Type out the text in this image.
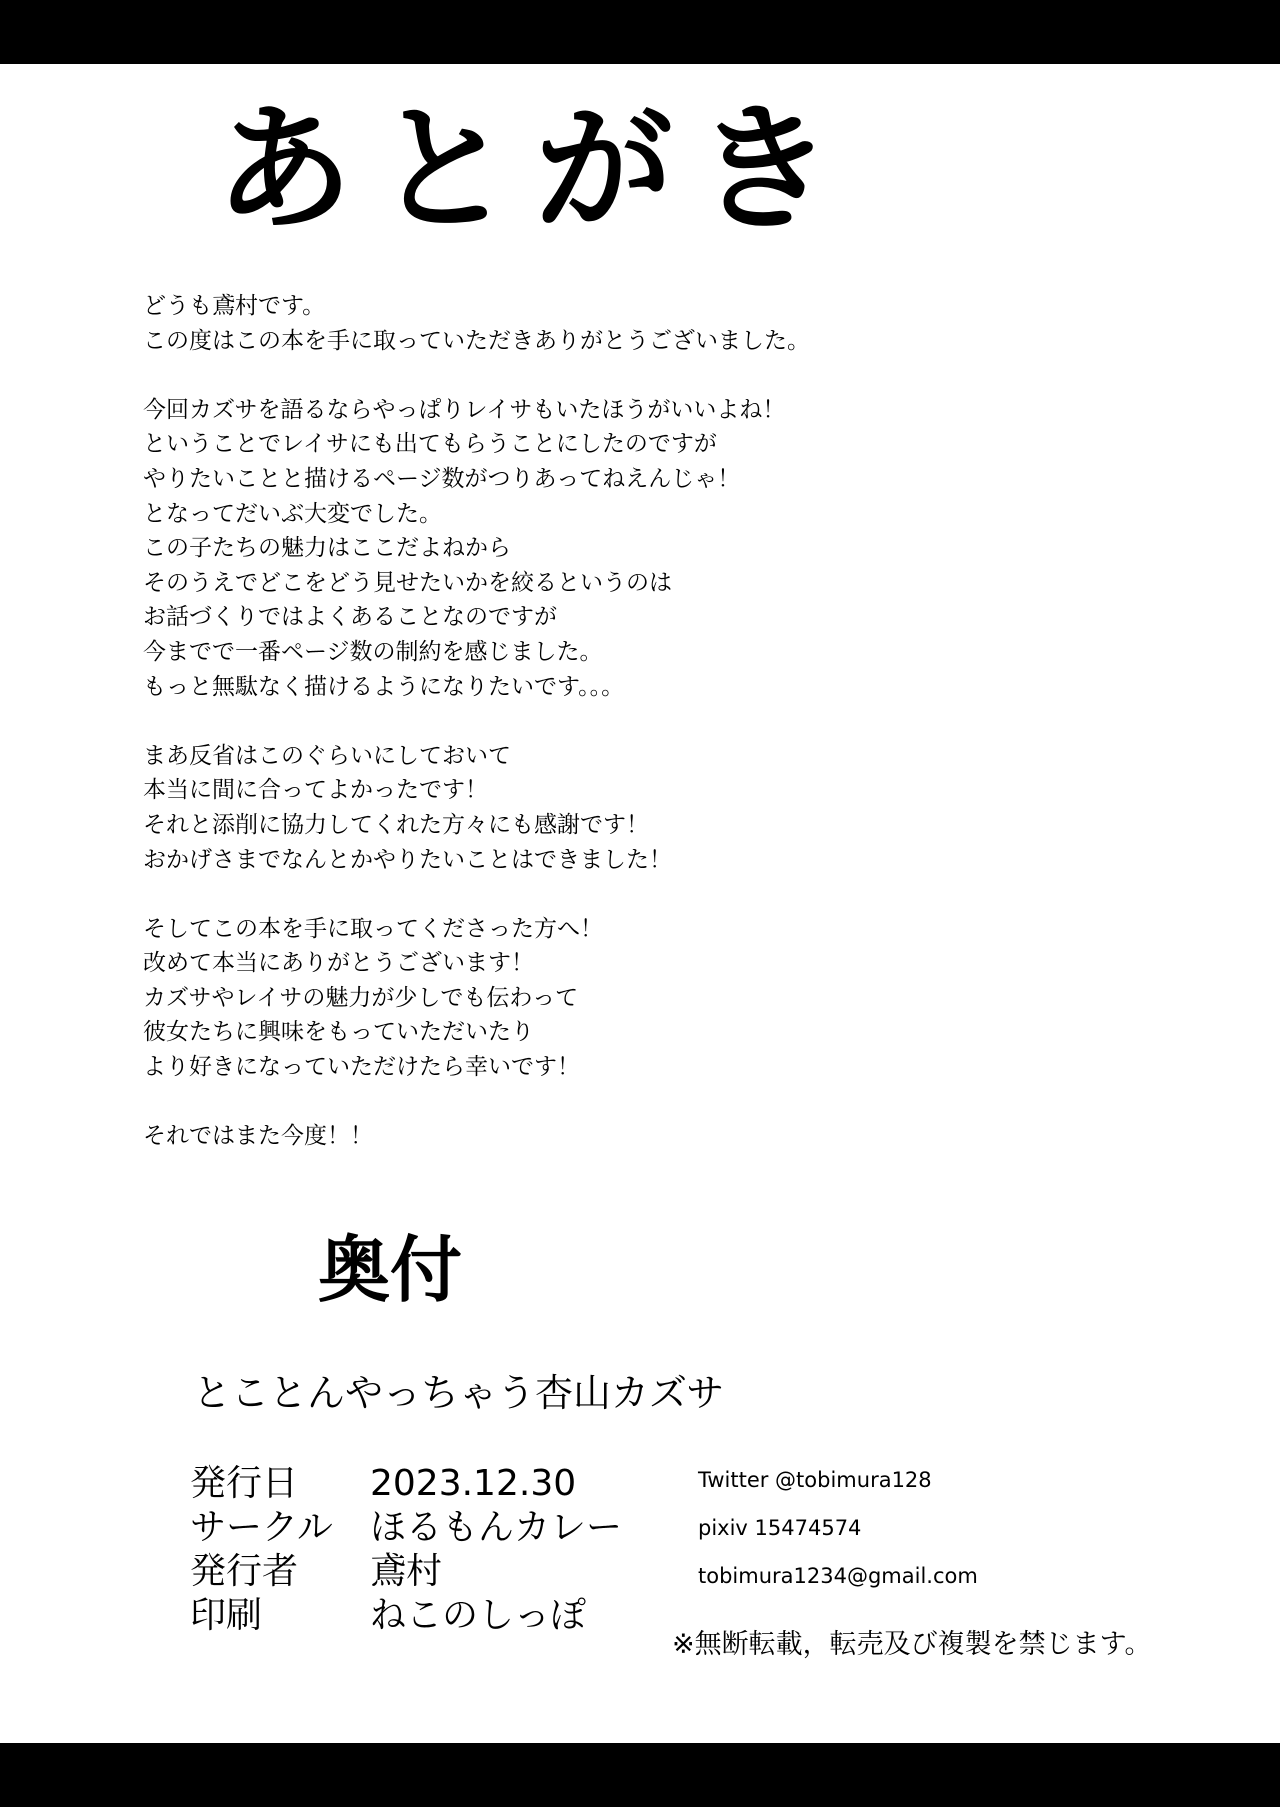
あとがき
どうも鳶村です。
この度はこの本を手に取っていただきありがとうございました。
今回カズサを語るならやっぱりレイサもいたほうがいいよね！
ということでレイサにも出てもらうことにしたのですが
やりたいことと描けるページ数がつりあってねえんじゃ！
となってだいぶ大変でした。
この子たちの魅力はここだよねから
そのうえでどこをどう見せたいかを絞るというのは
お話づくりではよくあることなのですが
今までで一番ページ数の制約を感じました。
もっと無駄なく描けるようになりたいです。。。
まあ反省はこのぐらいにしておいて
本当に間に合ってよかったです！
それと添削に協力してくれた方々にも感謝です！
おかげさまでなんとかやりたいことはできました！
そしてこの本を手に取ってくださった方へ！
改めて本当にありがとうございます！
カズサやレイサの魅力が少しでも伝わって
彼女たちに興味をもっていただいたり
より好きになっていただけたら幸いです！
それではまた今度！！
奥付
とことんやっちゃう杏山カズサ
発行日	2023.12.30
サークル	ほるもんカレー
発行者	鳶村
印刷	ねこのしっぽ
Twitter @tobimura128
pixiv 15474574
tobimura1234@gmail.com
※無断転載，転売及び複製を禁じます。
